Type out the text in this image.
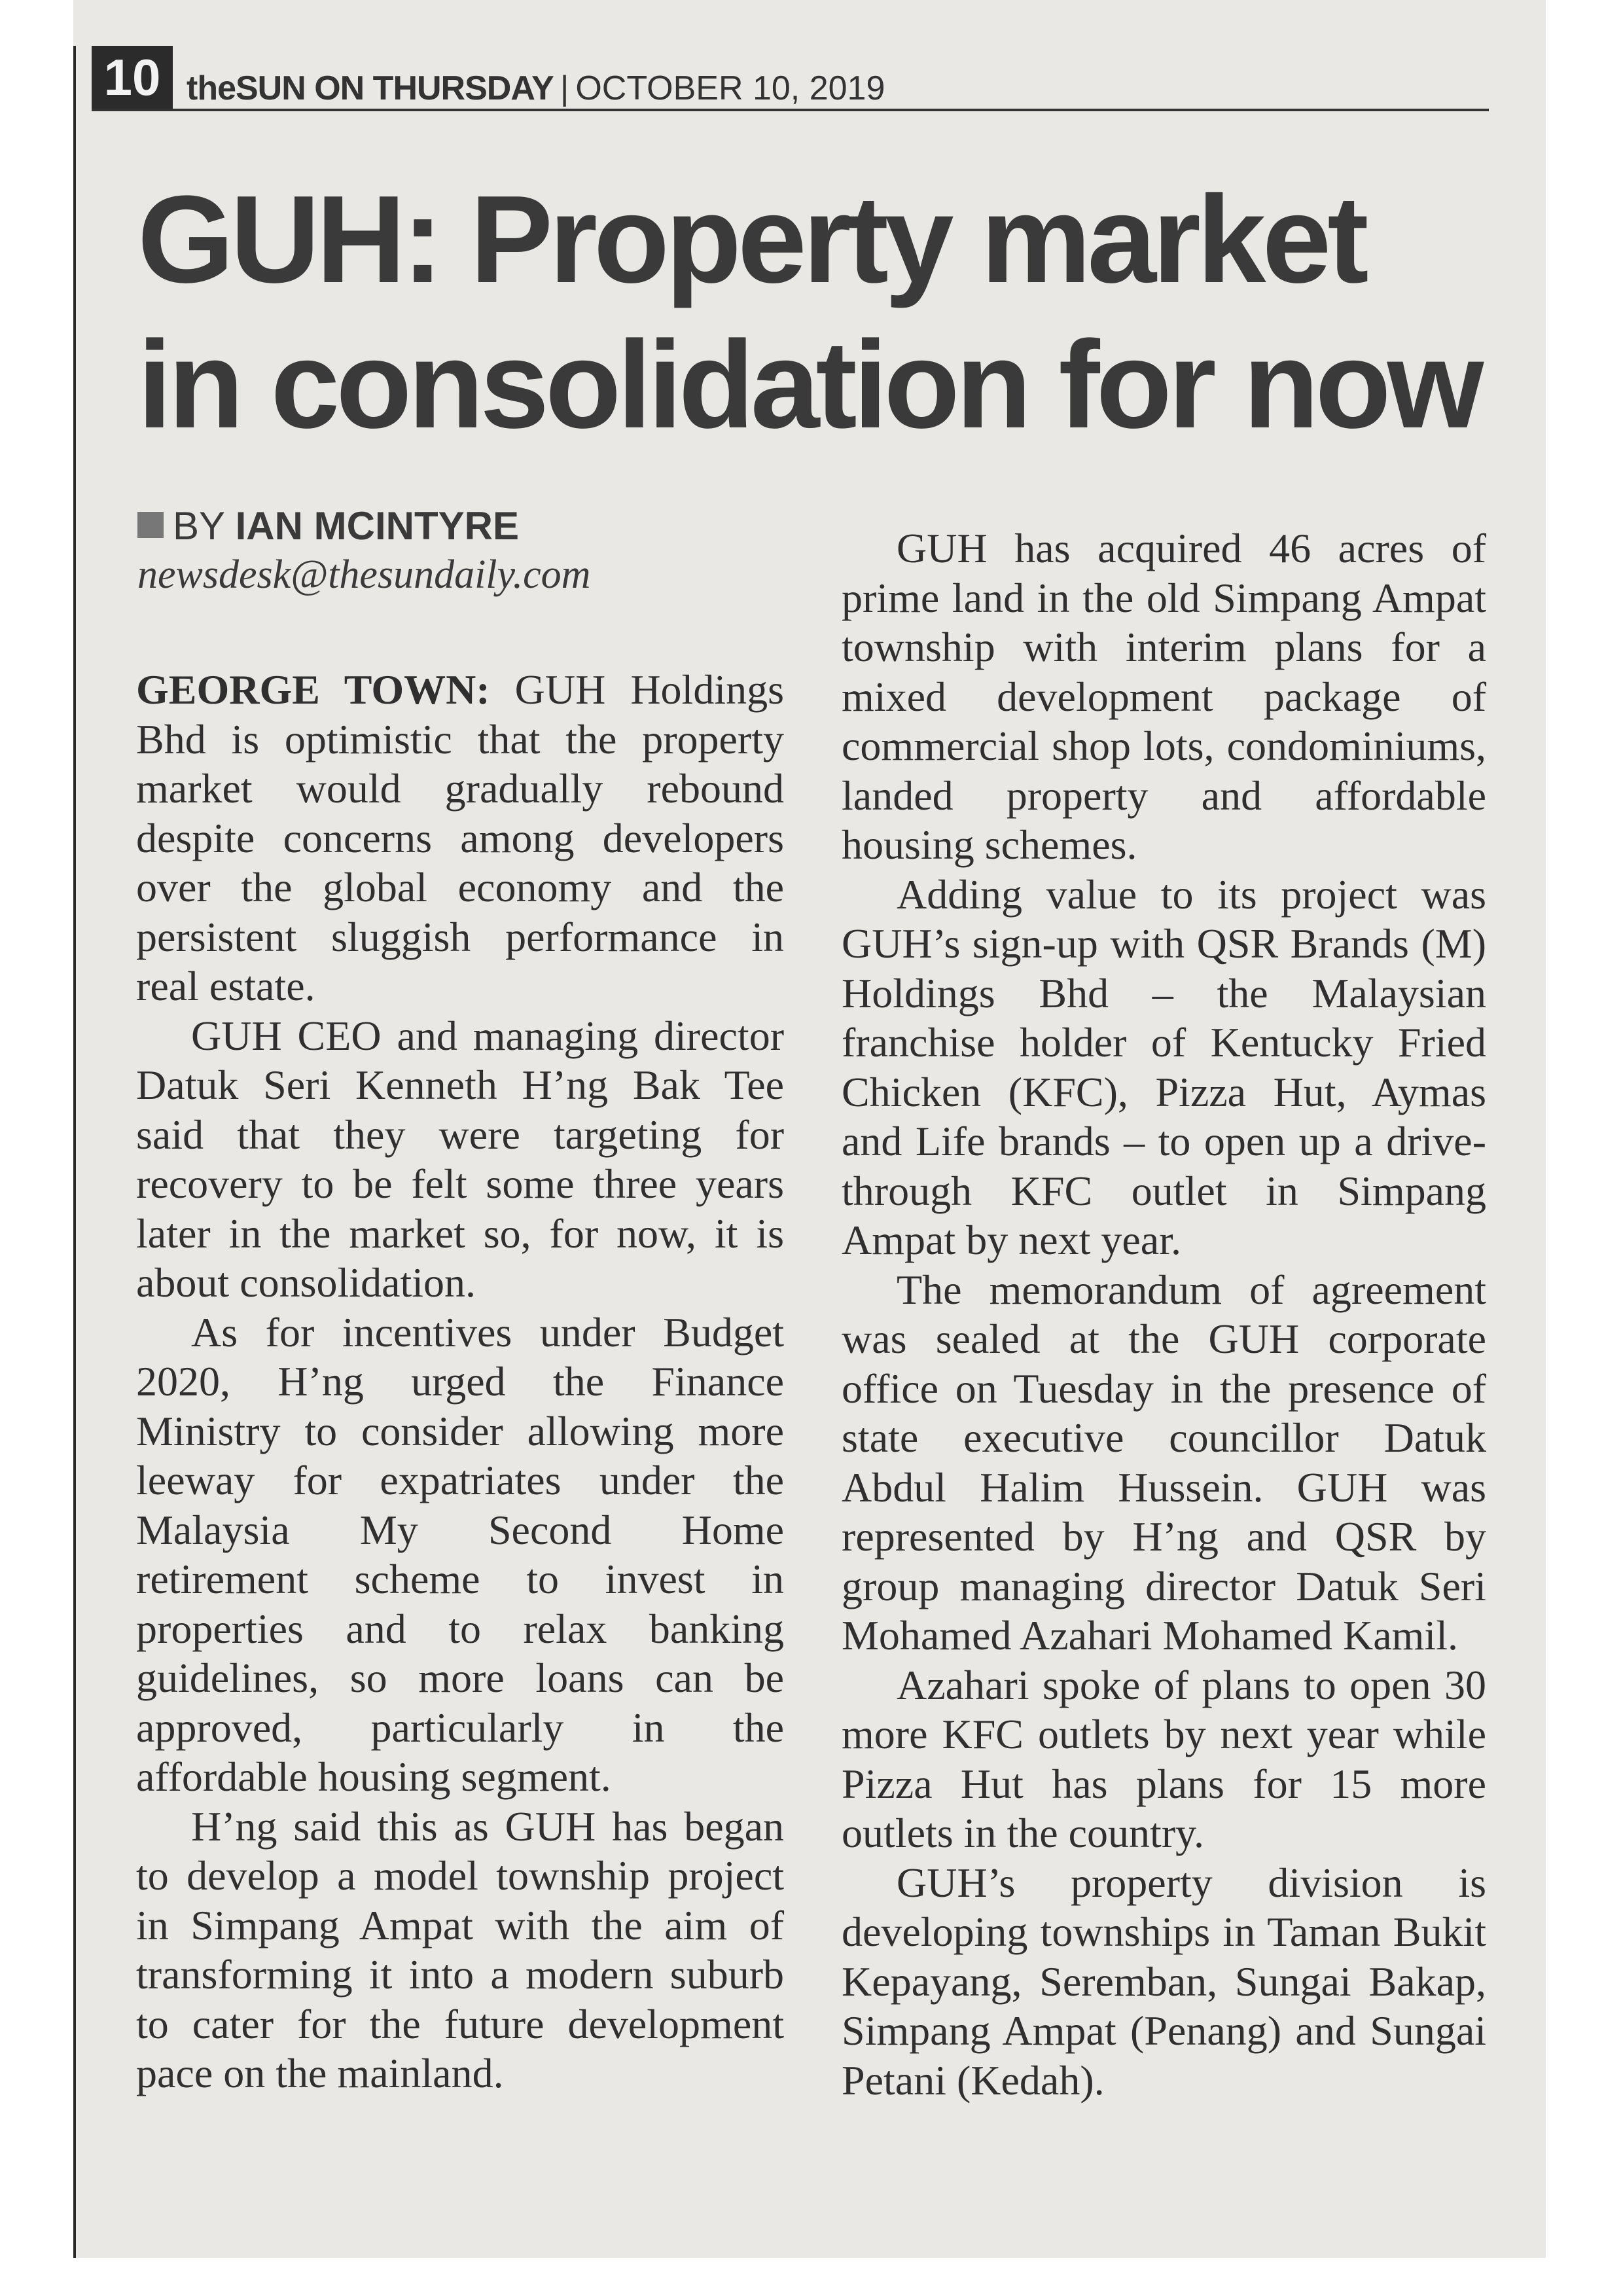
10 theSUN ON THURSDAY | OCTOBER 10, 2019
GUH: Property market
in consolidation for now
BY IAN MCINTYRE
newsdesk@thesundaily.com

GEORGE TOWN: GUH Holdings Bhd is optimistic that the property market would gradually rebound despite concerns among developers over the global economy and the persistent sluggish performance in real estate.

GUH CEO and managing director Datuk Seri Kenneth H’ng Bak Tee said that they were targeting for recovery to be felt some three years later in the market so, for now, it is about consolidation.

As for incentives under Budget 2020, H’ng urged the Finance Ministry to consider allowing more leeway for expatriates under the Malaysia My Second Home retirement scheme to invest in properties and to relax banking guidelines, so more loans can be approved, particularly in the affordable housing segment.

H’ng said this as GUH has began to develop a model township project in Simpang Ampat with the aim of transforming it into a modern suburb to cater for the future development pace on the mainland.

GUH has acquired 46 acres of prime land in the old Simpang Ampat township with interim plans for a mixed development package of commercial shop lots, condominiums, landed property and affordable housing schemes.

Adding value to its project was GUH’s sign-up with QSR Brands (M) Holdings Bhd – the Malaysian franchise holder of Kentucky Fried Chicken (KFC), Pizza Hut, Aymas and Life brands – to open up a drive-through KFC outlet in Simpang Ampat by next year.

The memorandum of agreement was sealed at the GUH corporate office on Tuesday in the presence of state executive councillor Datuk Abdul Halim Hussein. GUH was represented by H’ng and QSR by group managing director Datuk Seri Mohamed Azahari Mohamed Kamil.

Azahari spoke of plans to open 30 more KFC outlets by next year while Pizza Hut has plans for 15 more outlets in the country.

GUH’s property division is developing townships in Taman Bukit Kepayang, Seremban, Sungai Bakap, Simpang Ampat (Penang) and Sungai Petani (Kedah).
